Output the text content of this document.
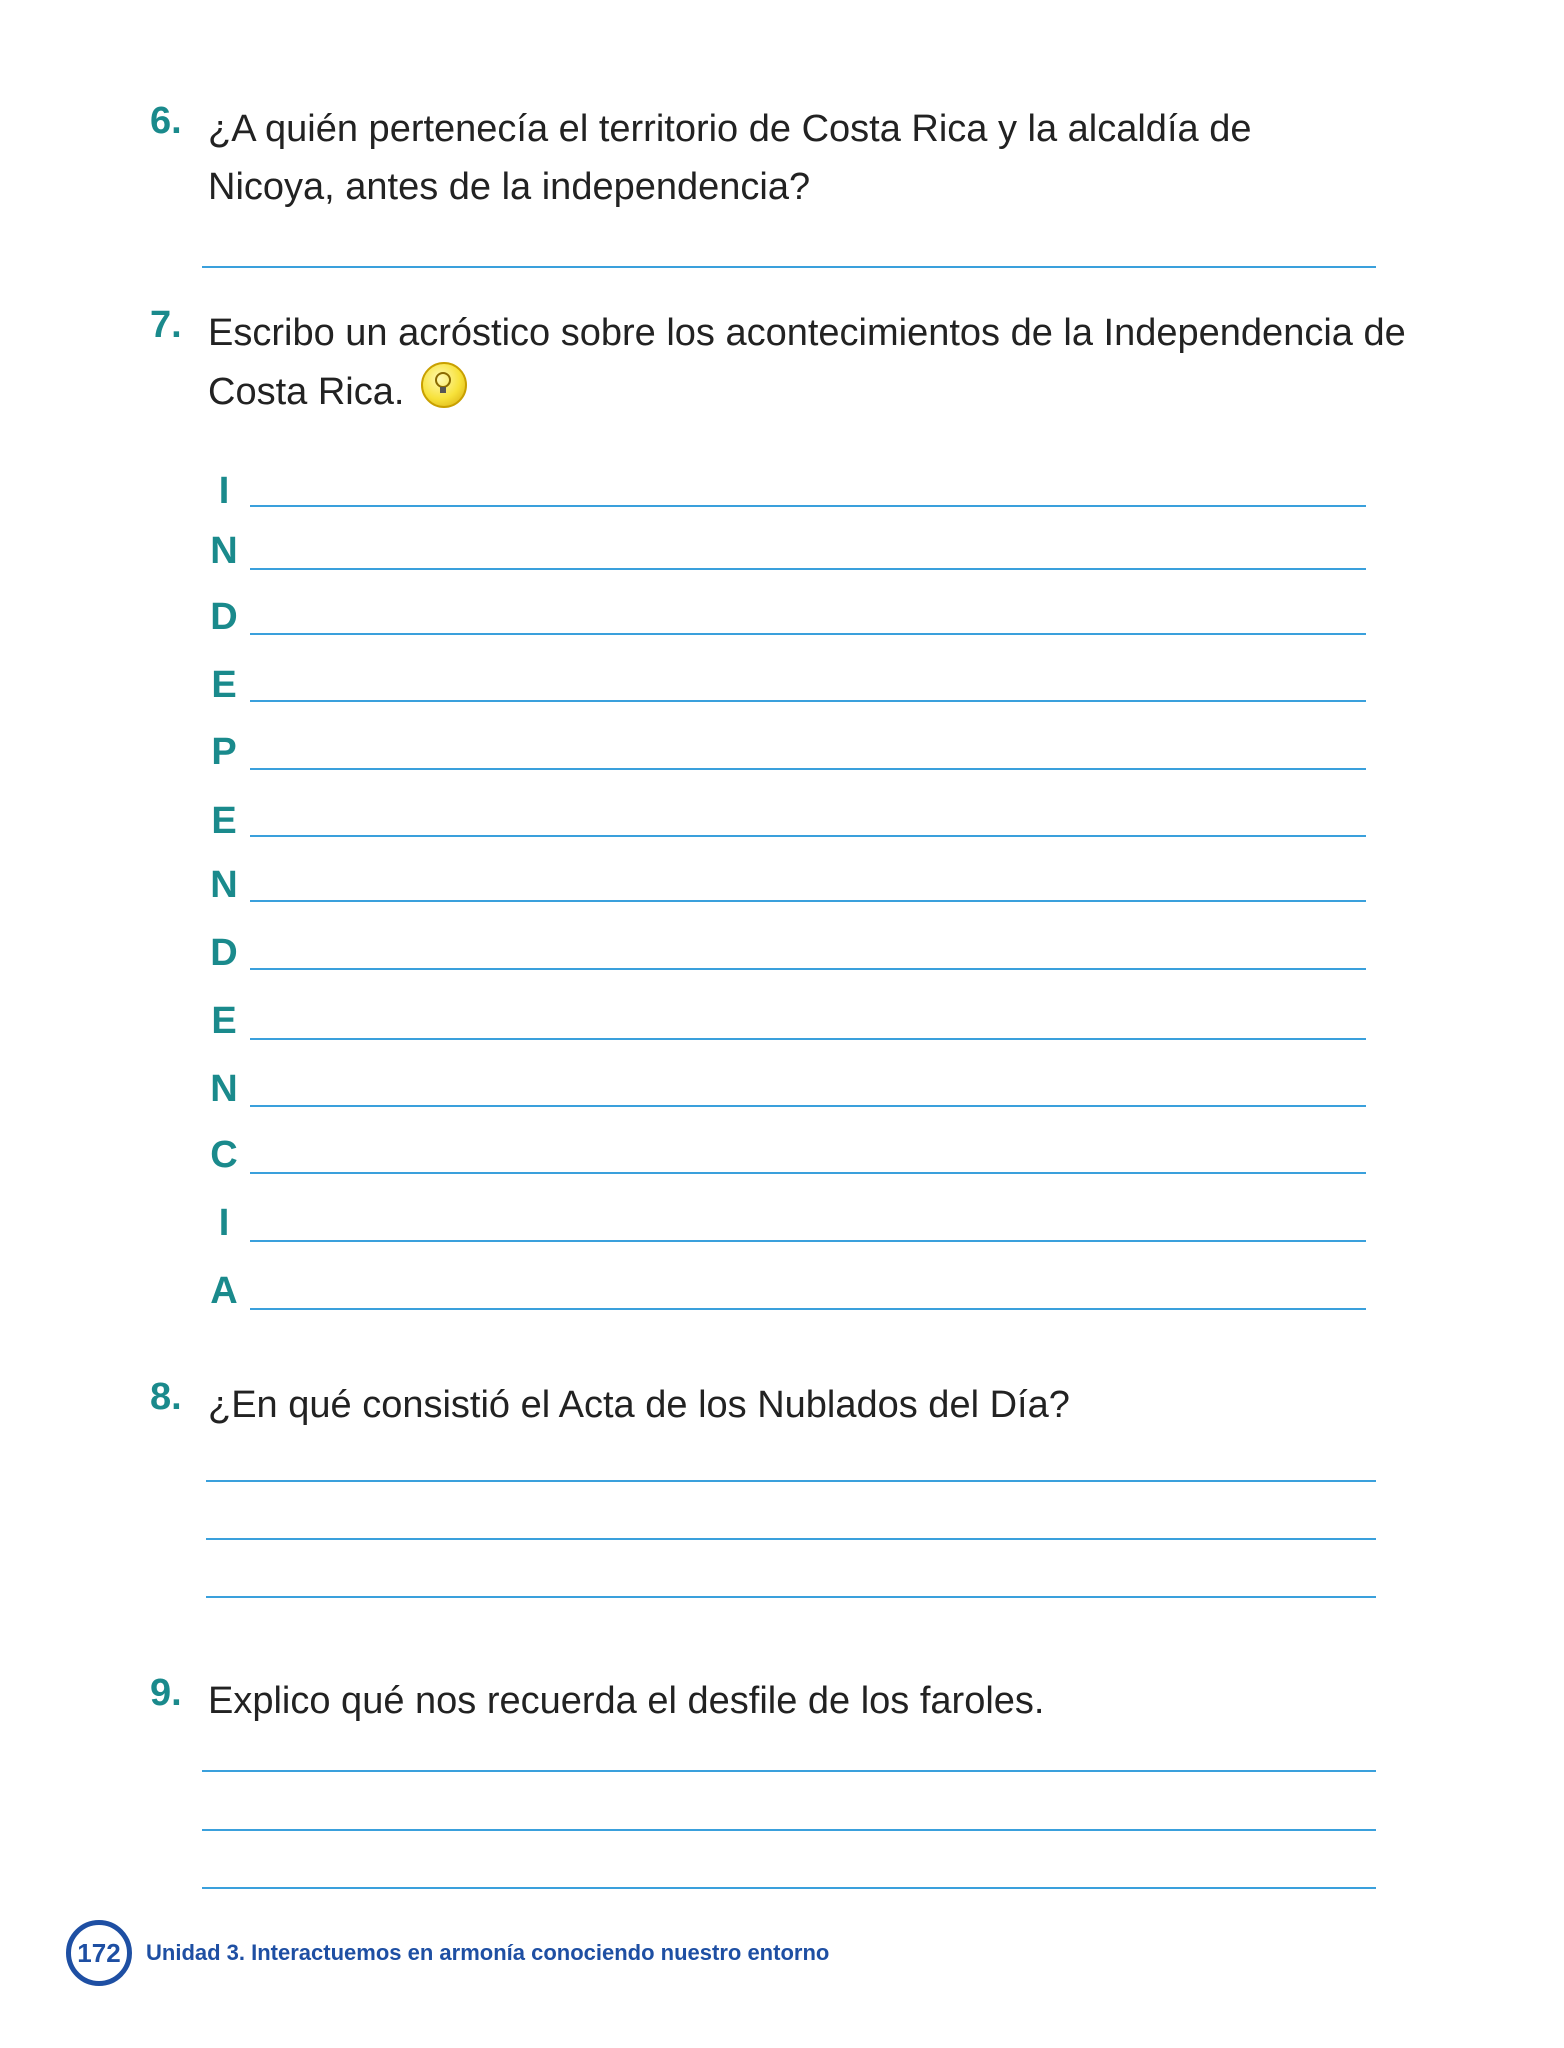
6. ¿A quién pertenecía el territorio de Costa Rica y la alcaldía de Nicoya, antes de la independencia?
7. Escribo un acróstico sobre los acontecimientos de la Independencia de Costa Rica.
I
N
D
E
P
E
N
D
E
N
C
I
A
8. ¿En qué consistió el Acta de los Nublados del Día?
9. Explico qué nos recuerda el desfile de los faroles.
172	Unidad 3. Interactuemos en armonía conociendo nuestro entorno
